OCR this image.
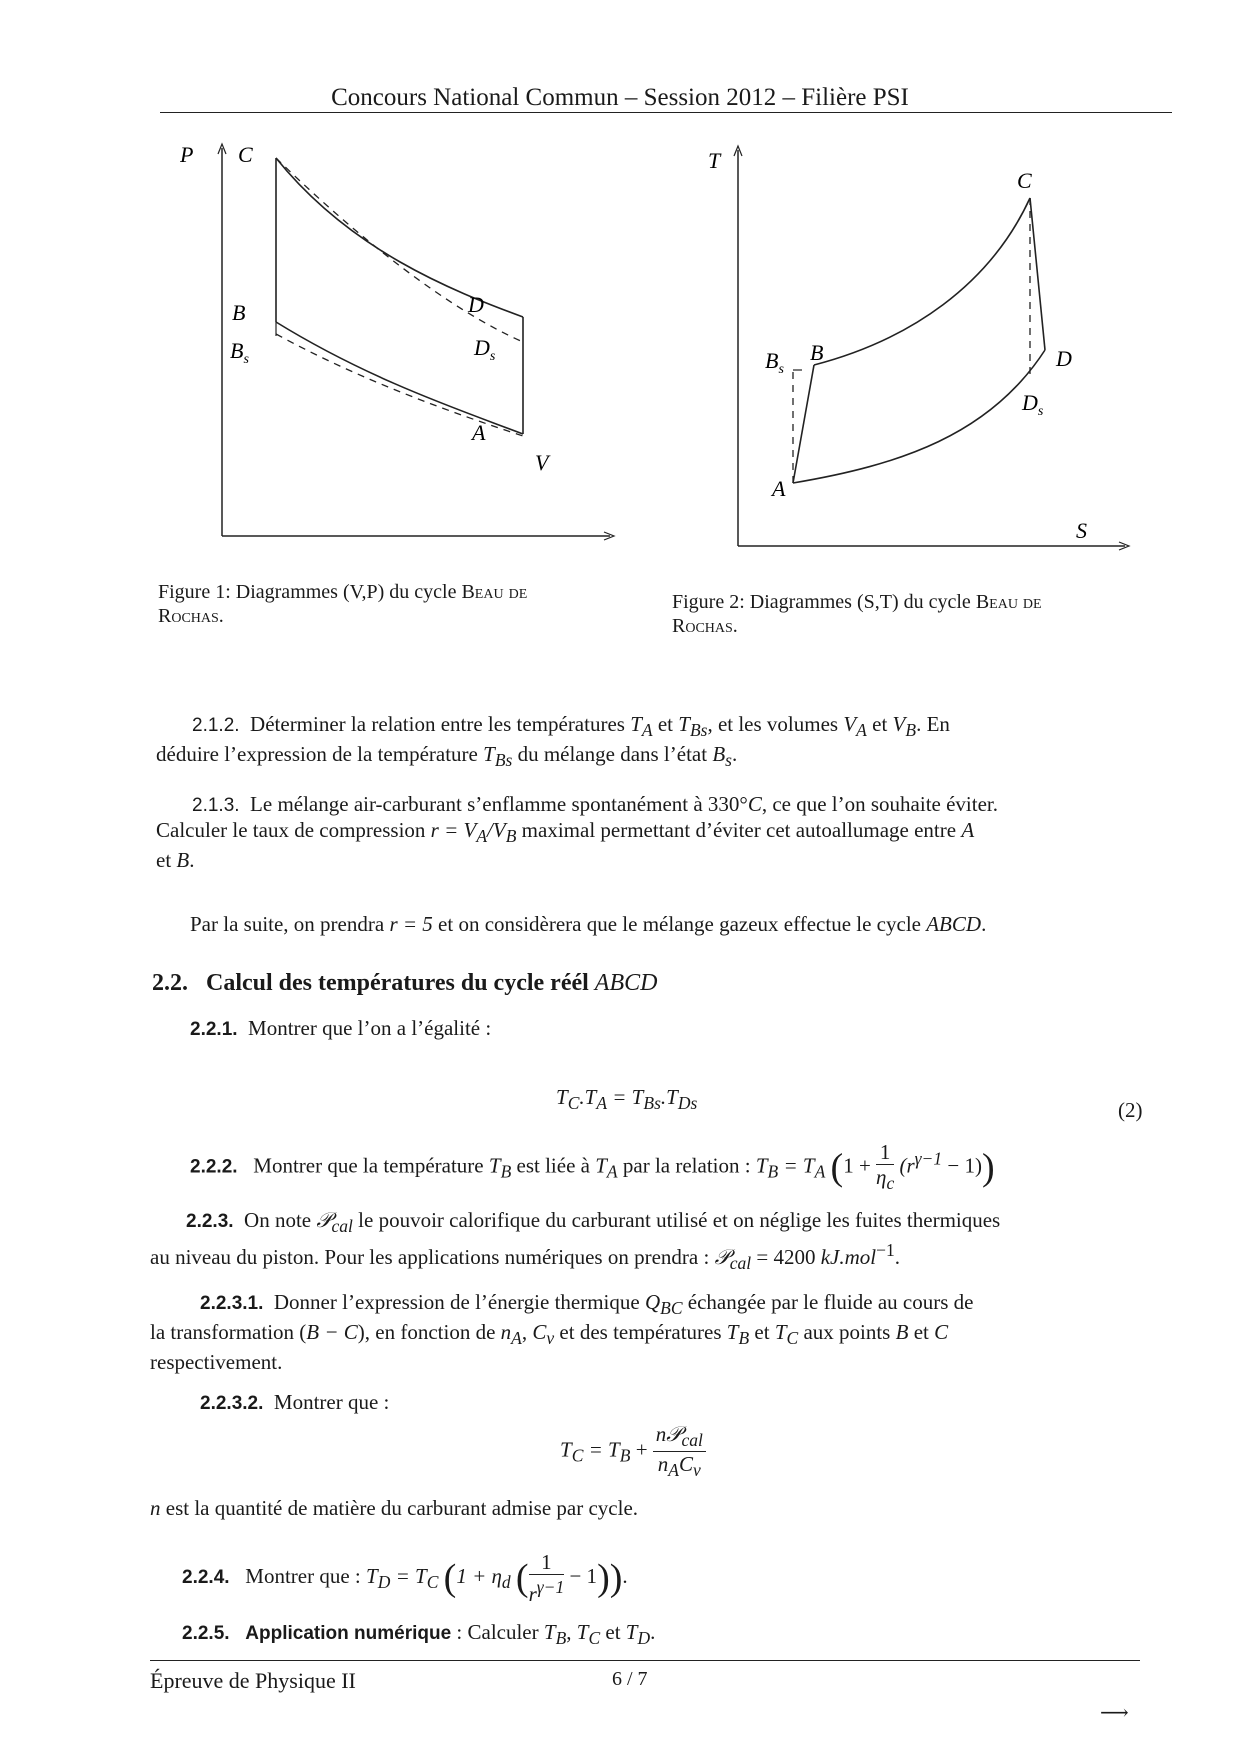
Concours National Commun – Session 2012 – Filière PSI
P
V
C
B
$B_s$
D
$D_s$
A
T
S
C
B
$B_s$	D
$D_s$
A
Figure 1: Diagrammes (V,P) du cycle Beau de
Rochas.
Figure 2: Diagrammes (S,T) du cycle Beau de
Rochas.
2.1.2. Déterminer la relation entre les températures $T_A$ et $T_{Bs}$, et les volumes $V_A$ et $V_B$. En
déduire l’expression de la température $T_{Bs}$ du mélange dans l’état $B_s$.
2.1.3. Le mélange air-carburant s’enflamme spontanément à 330°C, ce que l’on souhaite éviter.
Calculer le taux de compression $r = V_A/V_B$ maximal permettant d’éviter cet autoallumage entre A
et B.
Par la suite, on prendra r = 5 et on considèrera que le mélange gazeux effectue le cycle ABCD.
2.2. Calcul des températures du cycle réél ABCD
2.2.1. Montrer que l’on a l’égalité :
$T_C.T_A = T_{Bs}.T_{Ds}$	(2)
2.2.2. Montrer que la température $T_B$ est liée à $T_A$ par la relation : $T_B = T_A$ $(1 + \frac{1}{\eta_c} (r^{\gamma-1} - 1))$
2.2.3. On note 𝒫$_{cal}$ le pouvoir calorifique du carburant utilisé et on néglige les fuites thermiques
au niveau du piston. Pour les applications numériques on prendra : 𝒫$_{cal}$ = 4200 kJ.mol$^{-1}$.
2.2.3.1. Donner l’expression de l’énergie thermique $Q_{BC}$ échangée par le fluide au cours de
la transformation (B − C), en fonction de $n_A$, $C_v$ et des températures $T_B$ et $T_C$ aux points B et C
respectivement.
2.2.3.2. Montrer que :
$T_C = T_B + \frac{n𝒫_{cal}}{n_AC_v}$
n est la quantité de matière du carburant admise par cycle.
2.2.4. Montrer que : $T_D = T_C$ ($1 + \eta_d$ ( $\frac{1}{r^{\gamma-1}} - 1$)).
2.2.5. Application numérique : Calculer $T_B$, $T_C$ et $T_D$.
Épreuve de Physique II	6 / 7
⟶
